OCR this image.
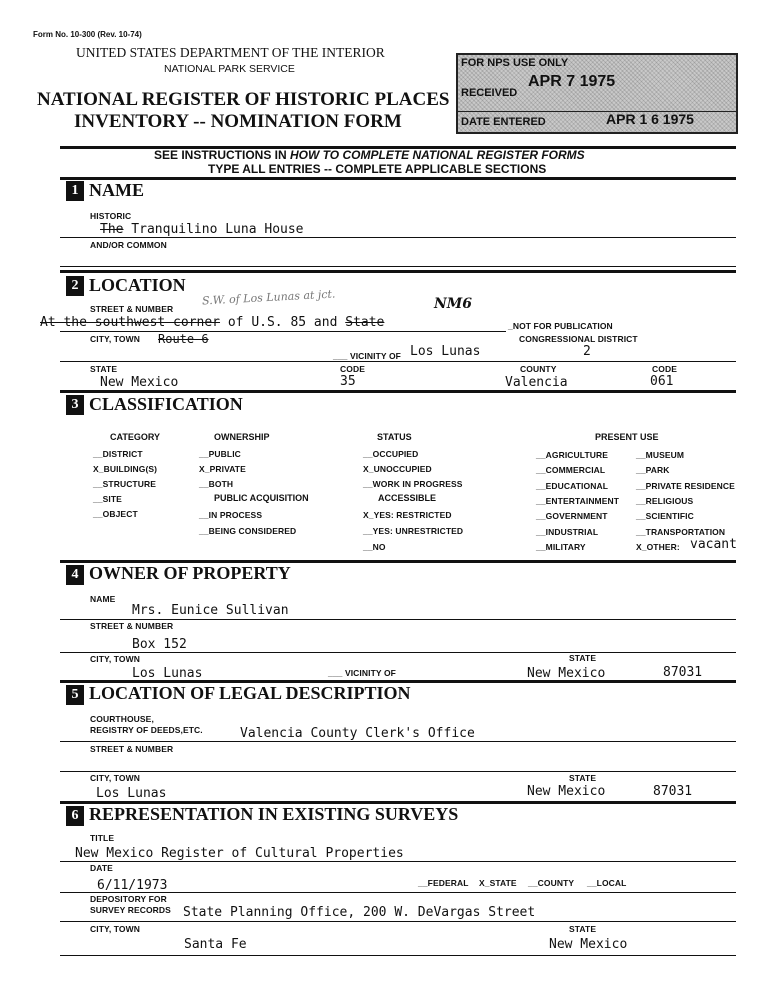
Form No. 10-300 (Rev. 10-74)
UNITED STATES DEPARTMENT OF THE INTERIOR
NATIONAL PARK SERVICE
NATIONAL REGISTER OF HISTORIC PLACES
INVENTORY -- NOMINATION FORM
FOR NPS USE ONLY
RECEIVED
APR 7 1975
DATE ENTERED	APR 1 6 1975
SEE INSTRUCTIONS IN HOW TO COMPLETE NATIONAL REGISTER FORMS
TYPE ALL ENTRIES -- COMPLETE APPLICABLE SECTIONS
1 NAME
HISTORIC
The Tranquilino Luna House
AND/OR COMMON
2 LOCATION
STREET & NUMBER
S.W. of Los Lunas at jct.	NM6
At the southwest corner of U.S. 85 and State	_NOT FOR PUBLICATION
CITY, TOWN Route 6	CONGRESSIONAL DISTRICT
___ VICINITY OF Los Lunas	2
STATE	CODE	COUNTY	CODE
New Mexico	35	Valencia	061
3 CLASSIFICATION
CATEGORY	OWNERSHIP	STATUS	PRESENT USE
__DISTRICT
X_BUILDING(S)
__STRUCTURE
__SITE
__OBJECT
__PUBLIC
X_PRIVATE
__BOTH
PUBLIC ACQUISITION
__IN PROCESS
__BEING CONSIDERED
__OCCUPIED
X_UNOCCUPIED
__WORK IN PROGRESS
ACCESSIBLE
X_YES: RESTRICTED
__YES: UNRESTRICTED
__NO
__AGRICULTURE
__COMMERCIAL
__EDUCATIONAL
__ENTERTAINMENT
__GOVERNMENT
__INDUSTRIAL
__MILITARY
__MUSEUM
__PARK
__PRIVATE RESIDENCE
__RELIGIOUS
__SCIENTIFIC
__TRANSPORTATION
X_OTHER: vacant
4 OWNER OF PROPERTY
NAME
Mrs. Eunice Sullivan
STREET & NUMBER
Box 152
CITY, TOWN	STATE
Los Lunas	___ VICINITY OF	New Mexico	87031
5 LOCATION OF LEGAL DESCRIPTION
COURTHOUSE,
REGISTRY OF DEEDS,ETC.	Valencia County Clerk's Office
STREET & NUMBER
CITY, TOWN	STATE
Los Lunas	New Mexico	87031
6 REPRESENTATION IN EXISTING SURVEYS
TITLE
New Mexico Register of Cultural Properties
DATE
6/11/1973	__FEDERAL X_STATE __COUNTY __LOCAL
DEPOSITORY FOR
SURVEY RECORDS State Planning Office, 200 W. DeVargas Street
CITY, TOWN	STATE
Santa Fe	New Mexico
